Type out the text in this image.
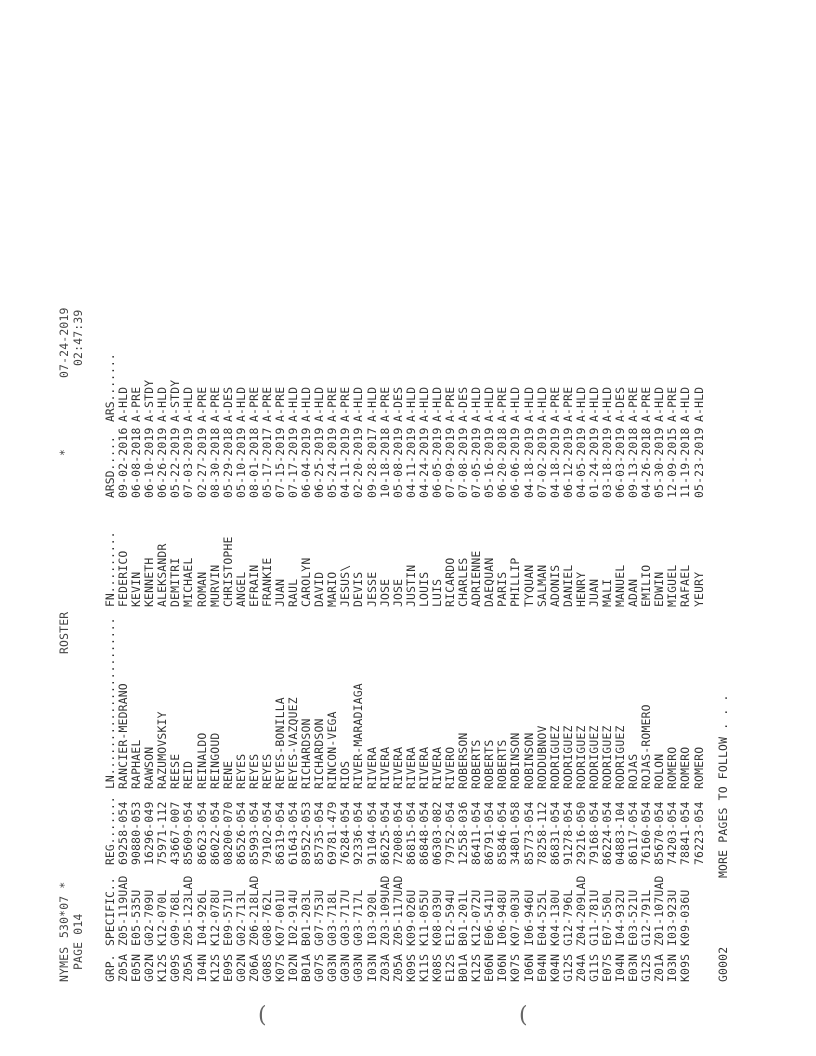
NYMES
530*07 *
ROSTER
*
07-24-2019
PAGE 014
02:47:39
GRP.
SPECIFIC..
REG.......
LN.......................
FN.........
ARSD.....
ARS.......
Z05A
Z05-119UAD
69258-054
RANCIER-MEDRANO
FEDERICO
09-02-2016
A-HLD
E05N
E05-535U
90880-053
RAPHAEL
KEVIN
06-08-2018
A-PRE
G02N
G02-709U
16296-049
RAWSON
KENNETH
06-10-2019
A-STDY
K12S
K12-070L
75971-112
RAZUMOVSKIY
ALEKSANDR
06-26-2019
A-HLD
G09S
G09-768L
43667-007
REESE
DEMITRI
05-22-2019
A-STDY
Z05A
Z05-123LAD
85609-054
REID
MICHAEL
07-03-2019
A-HLD
I04N
I04-926L
86623-054
REINALDO
ROMAN
02-27-2019
A-PRE
K12S
K12-078U
86022-054
REINGOUD
MURVIN
08-30-2018
A-PRE
E09S
E09-571U
08200-070
RENE
CHRISTOPHE
05-29-2018
A-DES
G02N
G02-713L
86526-054
REYES
ANGEL
05-10-2019
A-HLD
Z06A
Z06-218LAD
85993-054
REYES
EFRAIN
08-01-2018
A-PRE
G08S
G08-762L
79102-054
REYES
FRANKIE
05-17-2017
A-PRE
K07S
K07-001U
86319-054
REYES-BONILLA
JUAN
07-15-2019
A-PRE
I02N
I02-914U
61643-054
REYES-VAZQUEZ
RAUL
07-17-2019
A-HLD
B01A
B01-203L
89522-053
RICHARDSON
CAROLYN
06-04-2019
A-HLD
G07S
G07-753U
85735-054
RICHARDSON
DAVID
06-25-2019
A-HLD
G03N
G03-718L
69781-479
RINCON-VEGA
MARIO
05-24-2019
A-PRE
G03N
G03-717U
76284-054
RIOS
JESUS\
04-11-2019
A-PRE
G03N
G03-717L
92336-054
RIVER-MARADIAGA
DEVIS
02-20-2019
A-HLD
I03N
I03-920L
91104-054
RIVERA
JESSE
09-28-2017
A-HLD
Z03A
Z03-109UAD
86225-054
RIVERA
JOSE
10-18-2018
A-PRE
Z05A
Z05-117UAD
72008-054
RIVERA
JOSE
05-08-2019
A-DES
K09S
K09-026U
86815-054
RIVERA
JUSTIN
04-11-2019
A-HLD
K11S
K11-055U
86848-054
RIVERA
LOUIS
04-24-2019
A-HLD
K08S
K08-039U
06303-082
RIVERA
LUIS
06-05-2019
A-HLD
E12S
E12-594U
79752-054
RIVERO
RICARDO
07-09-2019
A-PRE
B01A
B01-201L
12558-036
ROBERSON
CHARLES
07-08-2019
A-DES
K12S
K12-072U
86411-054
ROBERTS
ADRIENNE
07-05-2019
A-HLD
E06N
E06-541U
86791-054
ROBERTS
DAEQUAN
05-16-2019
A-HLD
I06N
I06-948U
85846-054
ROBERTS
PARIS
06-20-2018
A-PRE
K07S
K07-003U
34801-058
ROBINSON
PHILLIP
06-06-2019
A-HLD
I06N
I06-946U
85773-054
ROBINSON
TYQUAN
04-18-2019
A-HLD
E04N
E04-525L
78258-112
RODDUBNOV
SALMAN
07-02-2019
A-HLD
K04N
K04-130U
86831-054
RODRIGUEZ
ADONIS
04-18-2019
A-PRE
G12S
G12-796L
91278-054
RODRIGUEZ
DANIEL
06-12-2019
A-PRE
Z04A
Z04-209LAD
29216-050
RODRIGUEZ
HENRY
04-05-2019
A-HLD
G11S
G11-781U
79168-054
RODRIGUEZ
JUAN
01-24-2019
A-HLD
E07S
E07-550L
86224-054
RODRIGUEZ
MALI
03-18-2019
A-HLD
I04N
I04-932U
04883-104
RODRIGUEZ
MANUEL
06-03-2019
A-DES
E03N
E03-521U
86117-054
ROJAS
ADAN
09-13-2018
A-PRE
G12S
G12-791L
76160-054
ROJAS-ROMERO
EMILIO
04-26-2018
A-PRE
Z01A
Z01-107UAD
85670-054
ROLON
EDWIN
05-30-2019
A-HLD
I03N
I03-923U
74203-054
ROMERO
MIGUEL
12-09-2015
A-PRE
K09S
K09-036U
78841-054
ROMERO
RAFAEL
11-19-2018
A-HLD
76223-054
ROMERO
YEURY
05-23-2019
A-HLD
G0002
MORE PAGES TO FOLLOW . . .
(	(
